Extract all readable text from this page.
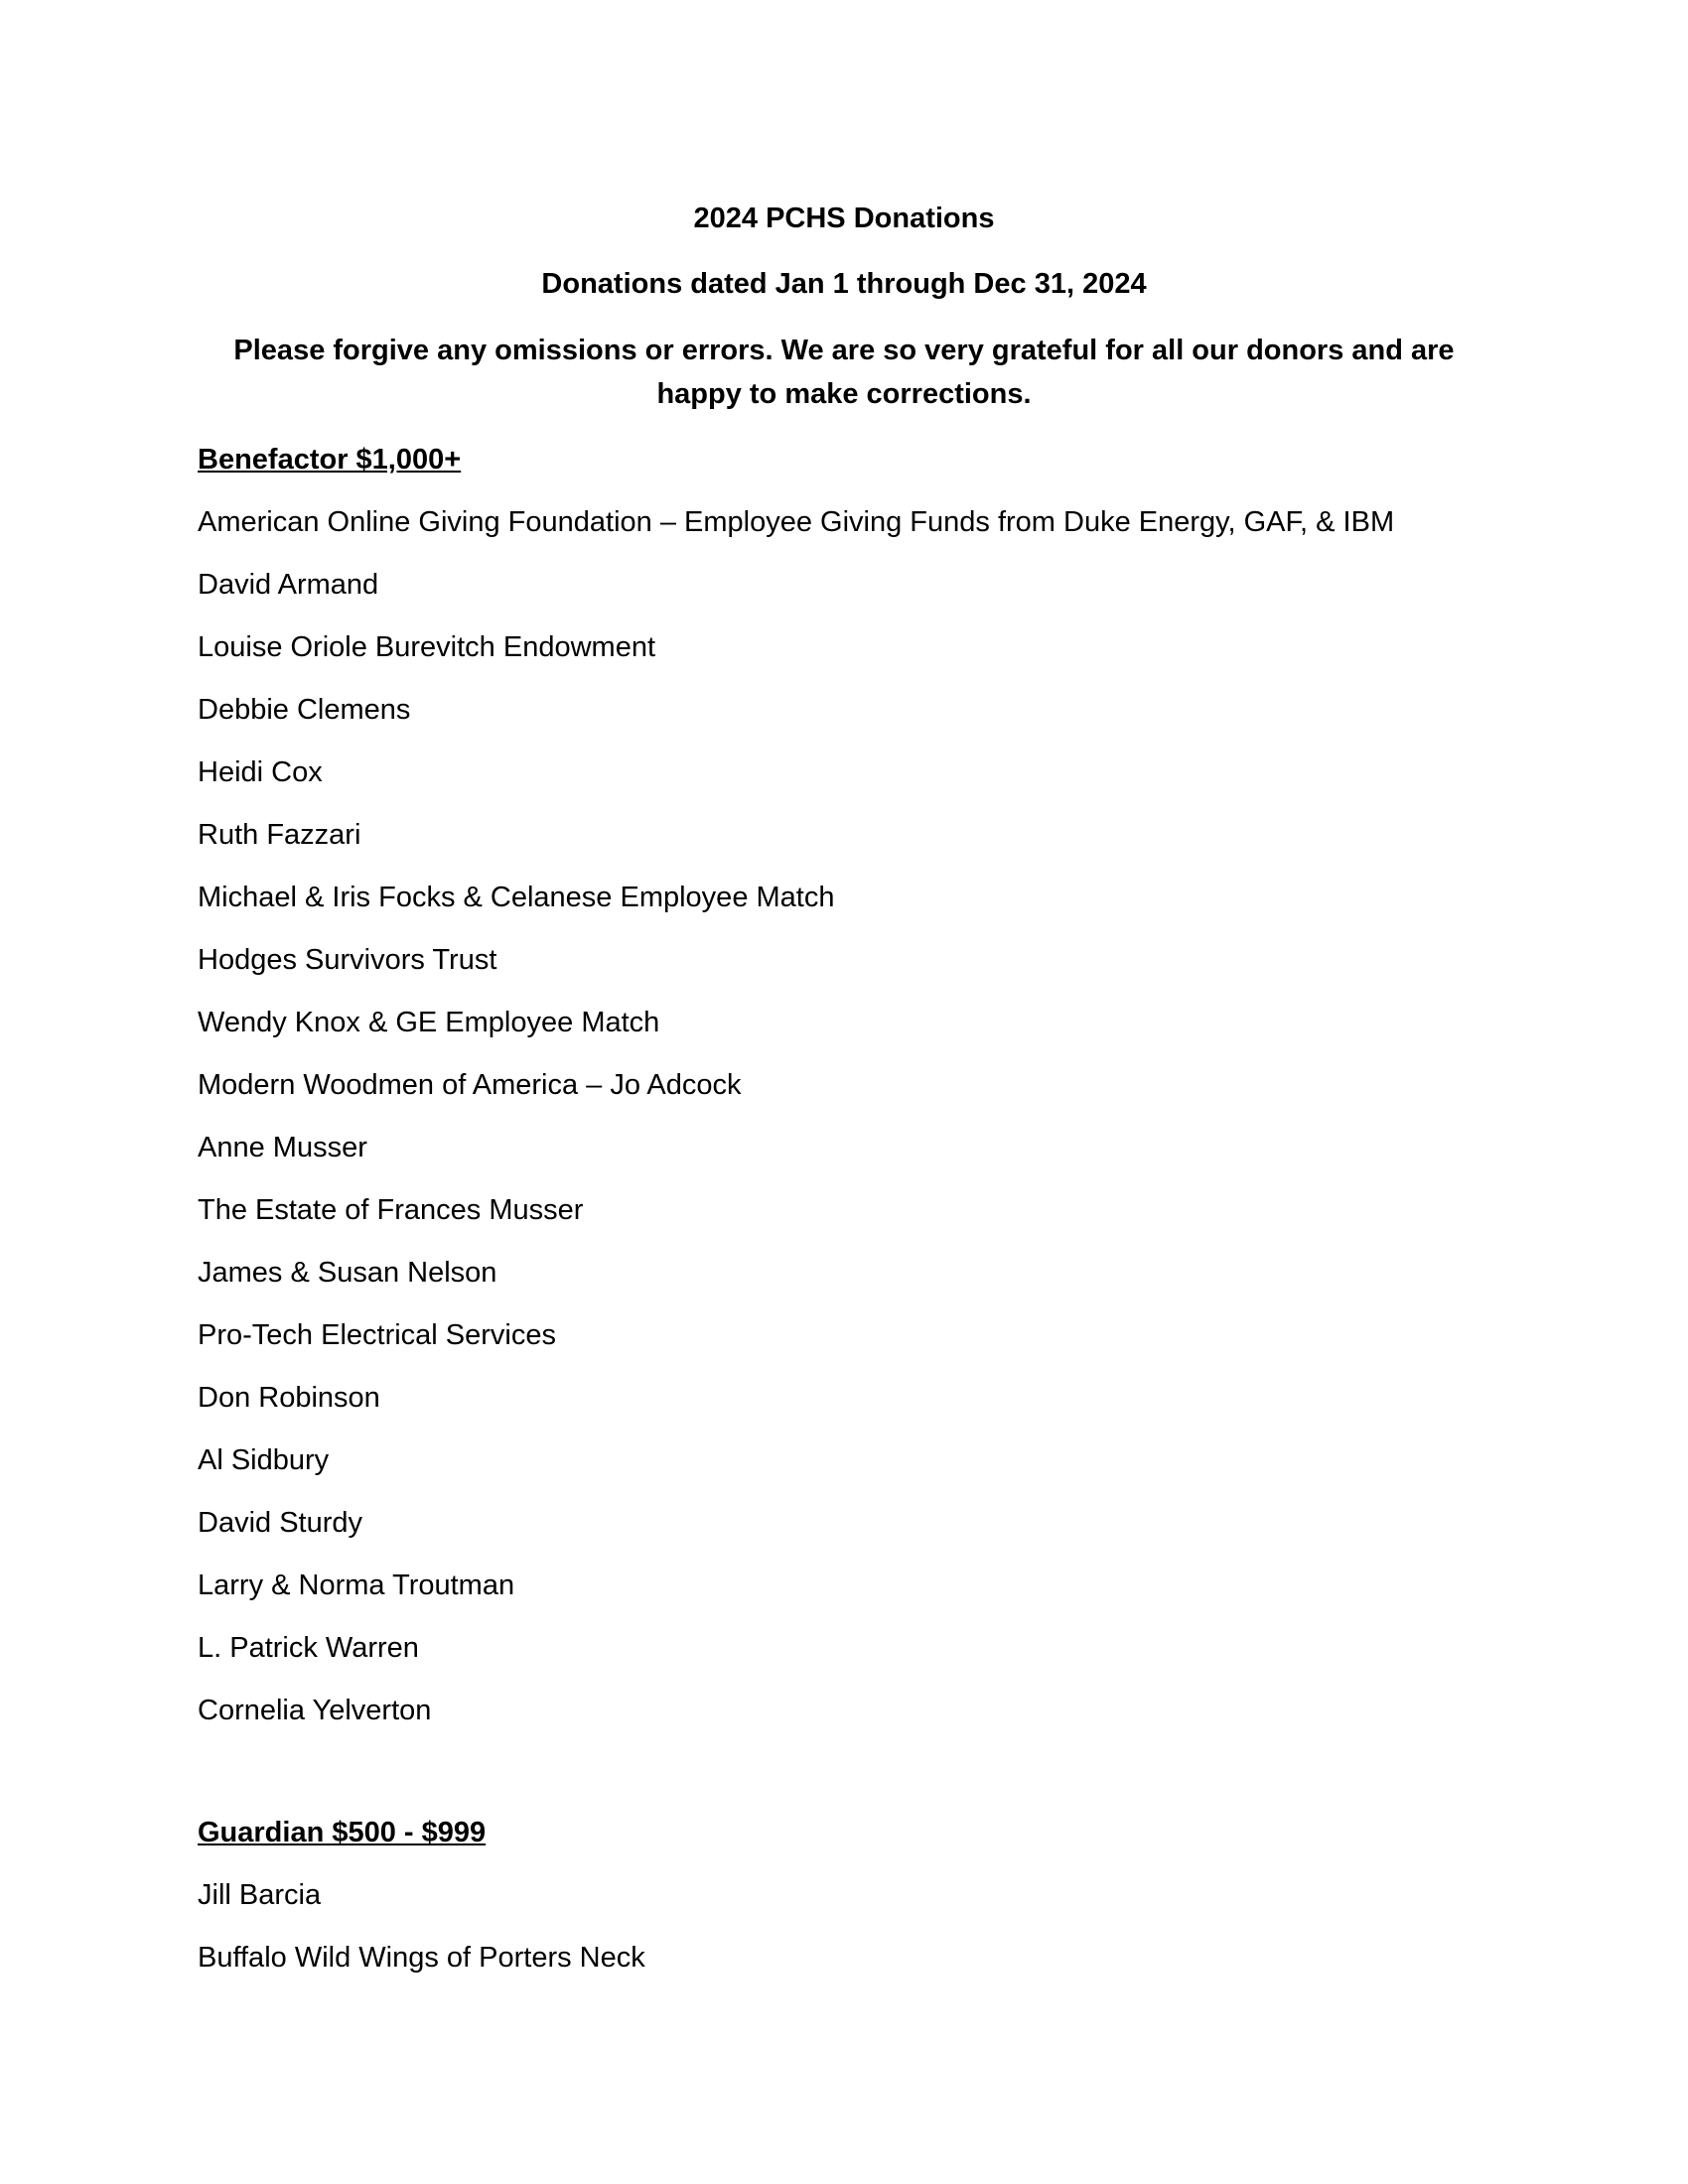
2024 PCHS Donations
Donations dated Jan 1 through Dec 31, 2024
Please forgive any omissions or errors. We are so very grateful for all our donors and are happy to make corrections.
Benefactor $1,000+
American Online Giving Foundation – Employee Giving Funds from Duke Energy, GAF, & IBM
David Armand
Louise Oriole Burevitch Endowment
Debbie Clemens
Heidi Cox
Ruth Fazzari
Michael & Iris Focks & Celanese Employee Match
Hodges Survivors Trust
Wendy Knox & GE Employee Match
Modern Woodmen of America – Jo Adcock
Anne Musser
The Estate of Frances Musser
James & Susan Nelson
Pro-Tech Electrical Services
Don Robinson
Al Sidbury
David Sturdy
Larry & Norma Troutman
L. Patrick Warren
Cornelia Yelverton
Guardian $500 - $999
Jill Barcia
Buffalo Wild Wings of Porters Neck
